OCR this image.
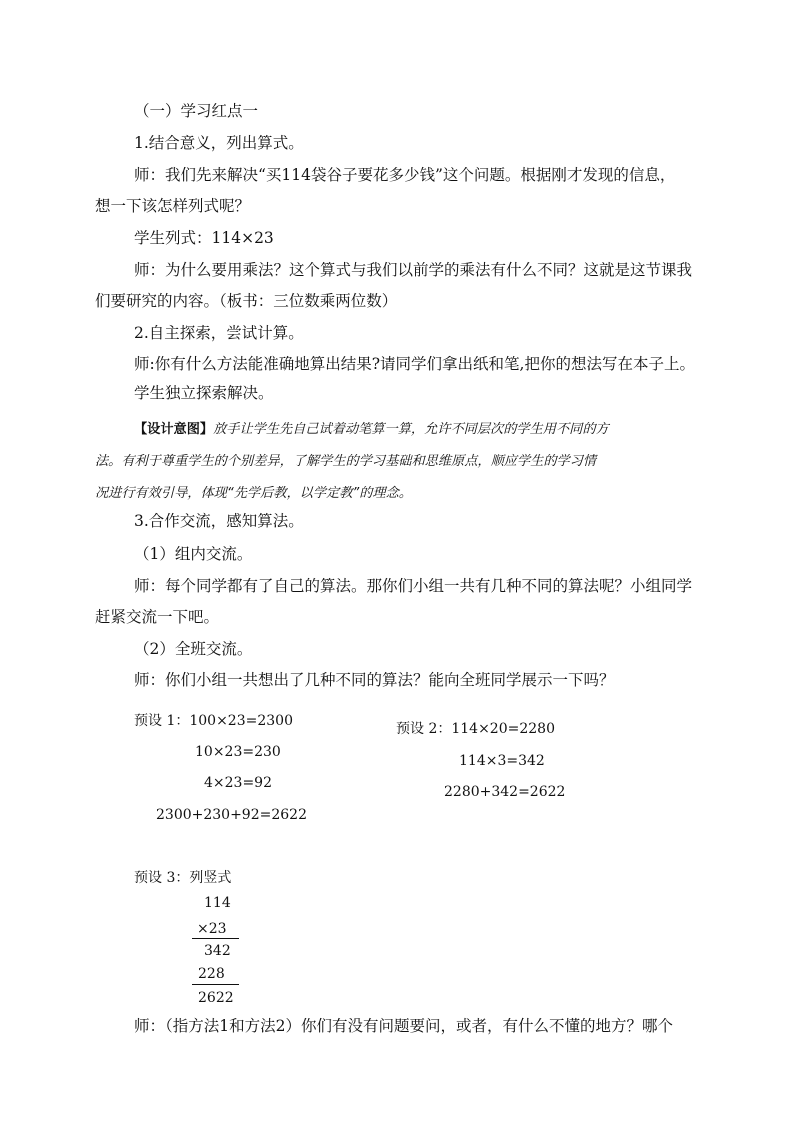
（一）学习红点一
1.结合意义，列出算式。
师：我们先来解决“买114袋谷子要花多少钱”这个问题。根据刚才发现的信息，
想一下该怎样列式呢？
学生列式：114×23
师：为什么要用乘法？这个算式与我们以前学的乘法有什么不同？这就是这节课我
们要研究的内容。（板书：三位数乘两位数）
2.自主探索，尝试计算。
师:你有什么方法能准确地算出结果?请同学们拿出纸和笔,把你的想法写在本子上。
学生独立探索解决。
【设计意图】放手让学生先自己试着动笔算一算，允许不同层次的学生用不同的方
法。有利于尊重学生的个别差异，了解学生的学习基础和思维原点，顺应学生的学习情
况进行有效引导，体现“先学后教，以学定教”的理念。
3.合作交流，感知算法。
（1）组内交流。
师：每个同学都有了自己的算法。那你们小组一共有几种不同的算法呢？小组同学
赶紧交流一下吧。
（2）全班交流。
师：你们小组一共想出了几种不同的算法？能向全班同学展示一下吗？
预设 1：100×23=2300
10×23=230
4×23=92
2300+230+92=2622
预设 2：114×20=2280
114×3=342
2280+342=2622
预设 3：列竖式
114
×23
342
228
2622
师：（指方法1和方法2）你们有没有问题要问，或者，有什么不懂的地方？哪个
